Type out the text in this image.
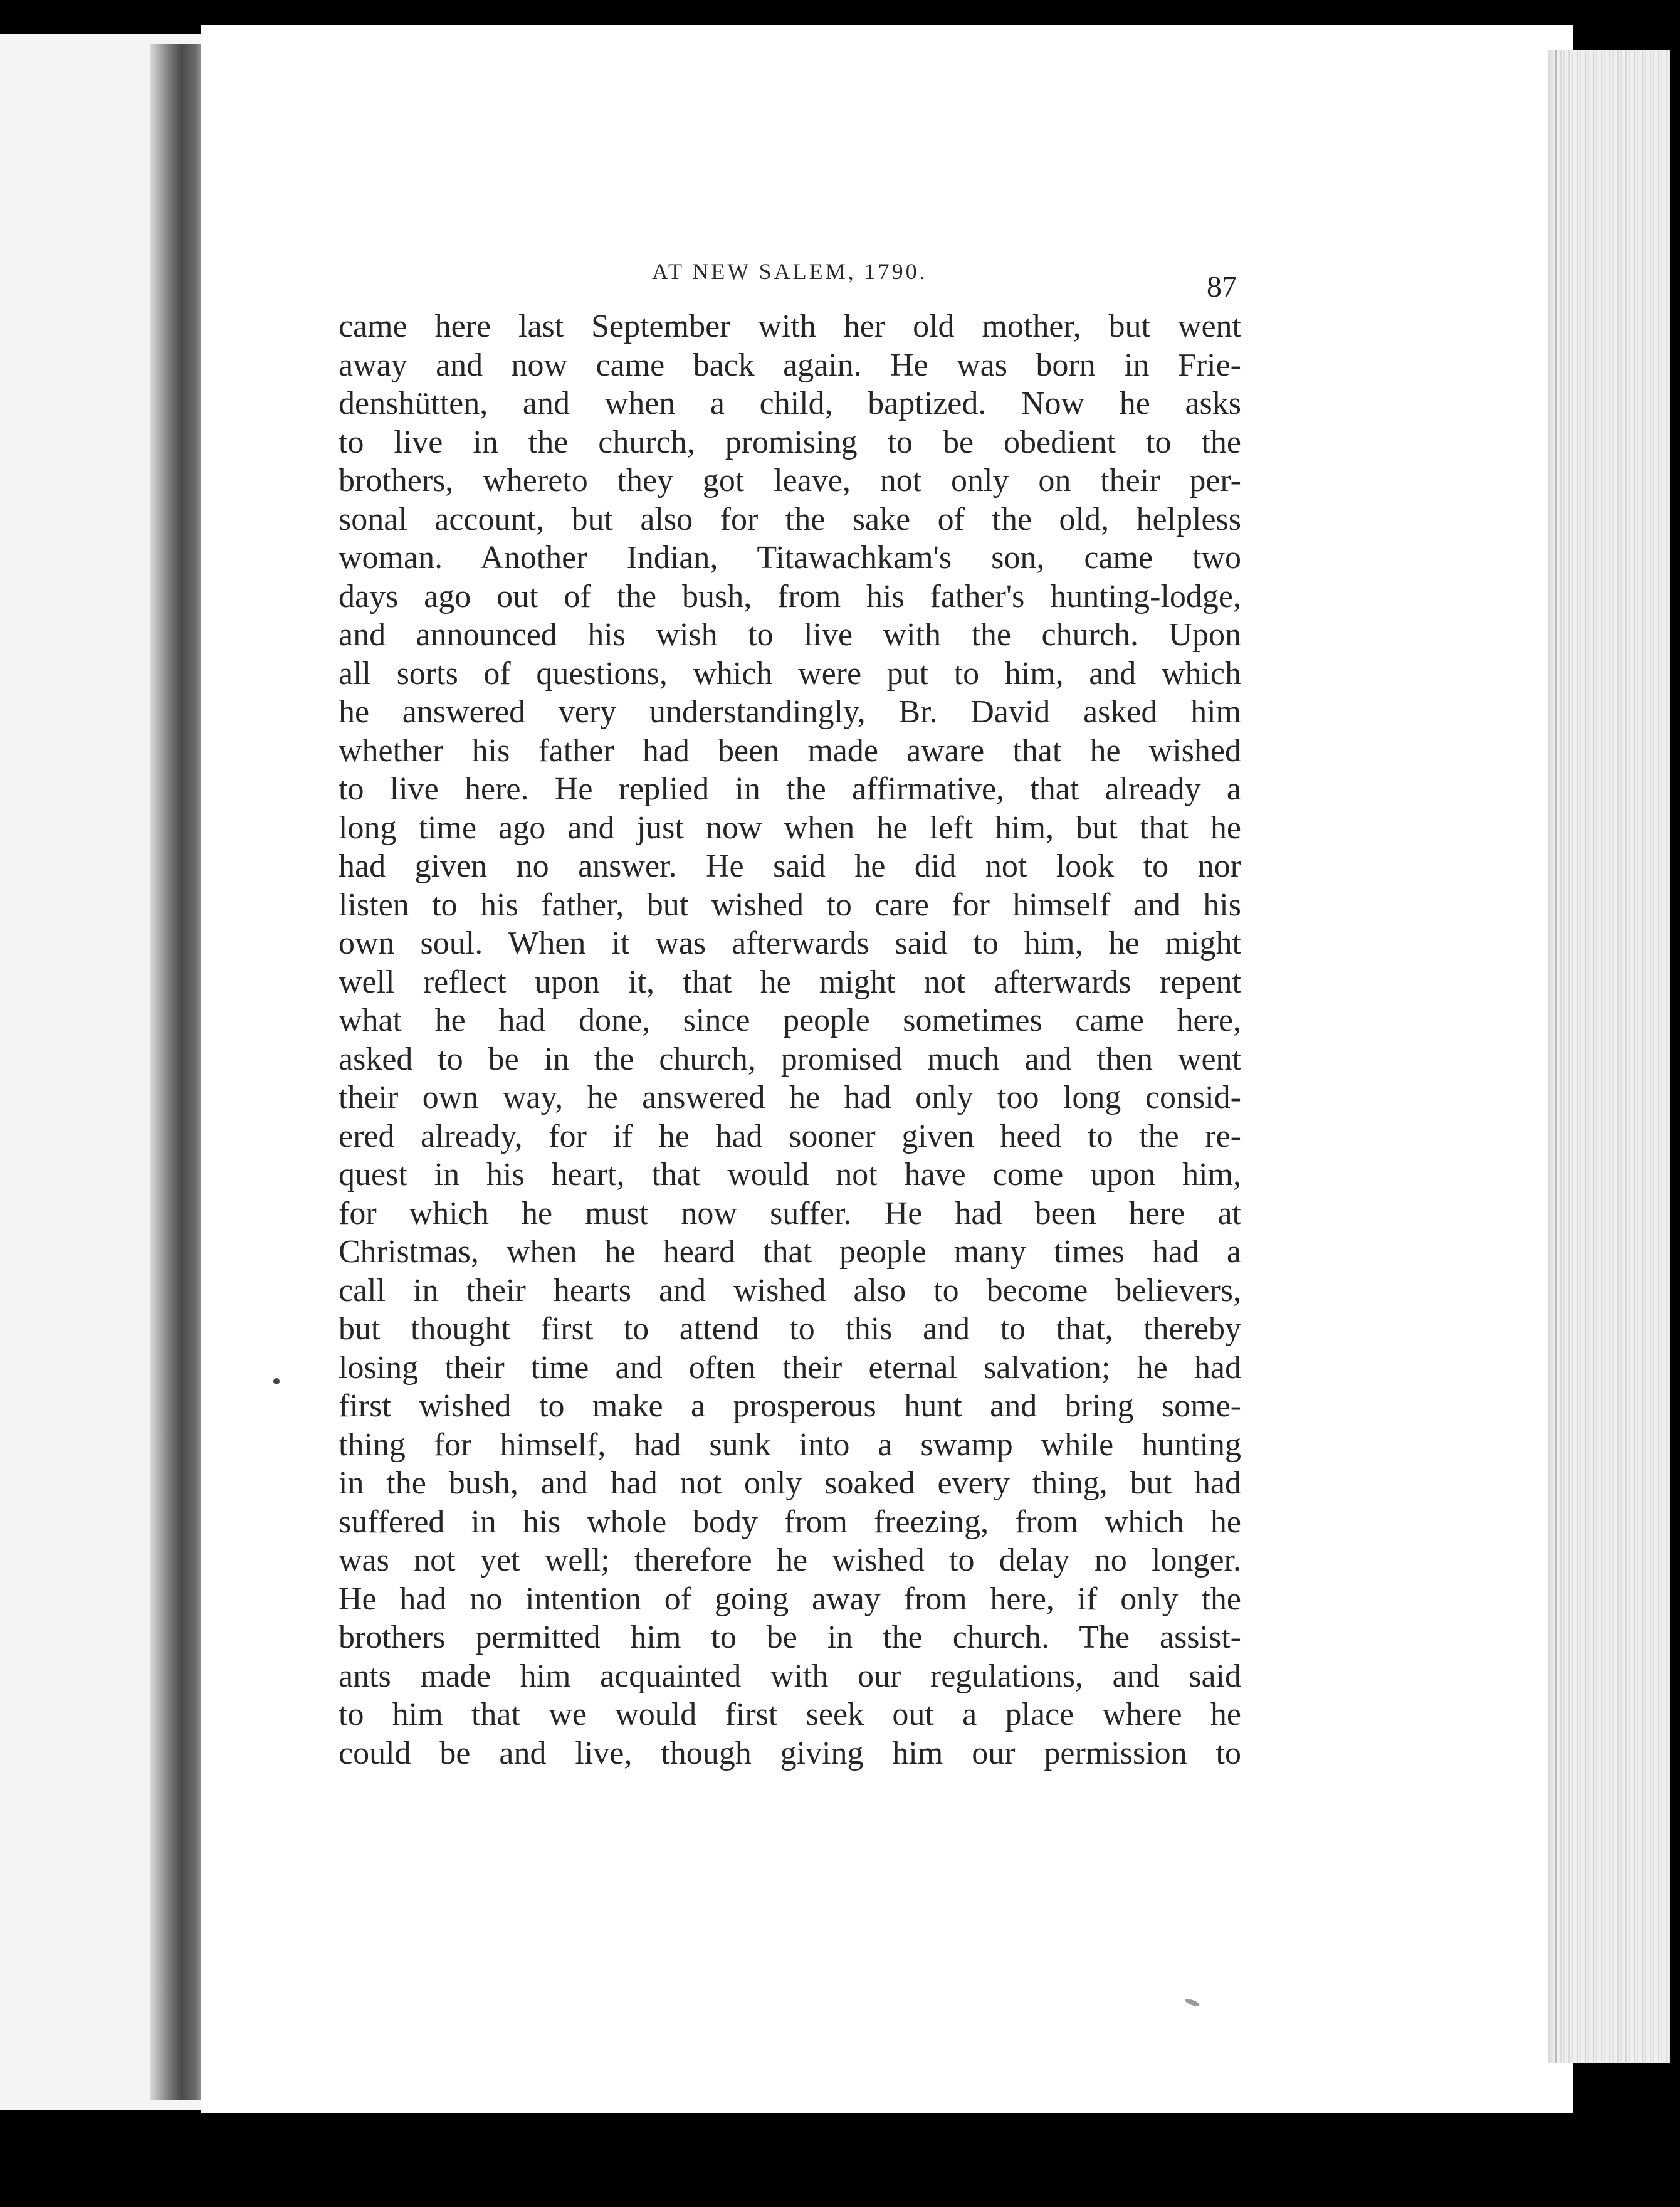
AT NEW SALEM, 1790.	87
came here last September with her old mother, but went
away and now came back again. He was born in Frie-
denshütten, and when a child, baptized. Now he asks
to live in the church, promising to be obedient to the
brothers, whereto they got leave, not only on their per-
sonal account, but also for the sake of the old, helpless
woman. Another Indian, Titawachkam's son, came two
days ago out of the bush, from his father's hunting-lodge,
and announced his wish to live with the church. Upon
all sorts of questions, which were put to him, and which
he answered very understandingly, Br. David asked him
whether his father had been made aware that he wished
to live here. He replied in the affirmative, that already a
long time ago and just now when he left him, but that he
had given no answer. He said he did not look to nor
listen to his father, but wished to care for himself and his
own soul. When it was afterwards said to him, he might
well reflect upon it, that he might not afterwards repent
what he had done, since people sometimes came here,
asked to be in the church, promised much and then went
their own way, he answered he had only too long consid-
ered already, for if he had sooner given heed to the re-
quest in his heart, that would not have come upon him,
for which he must now suffer. He had been here at
Christmas, when he heard that people many times had a
call in their hearts and wished also to become believers,
but thought first to attend to this and to that, thereby
losing their time and often their eternal salvation; he had
first wished to make a prosperous hunt and bring some-
thing for himself, had sunk into a swamp while hunting
in the bush, and had not only soaked every thing, but had
suffered in his whole body from freezing, from which he
was not yet well; therefore he wished to delay no longer.
He had no intention of going away from here, if only the
brothers permitted him to be in the church. The assist-
ants made him acquainted with our regulations, and said
to him that we would first seek out a place where he
could be and live, though giving him our permission to
